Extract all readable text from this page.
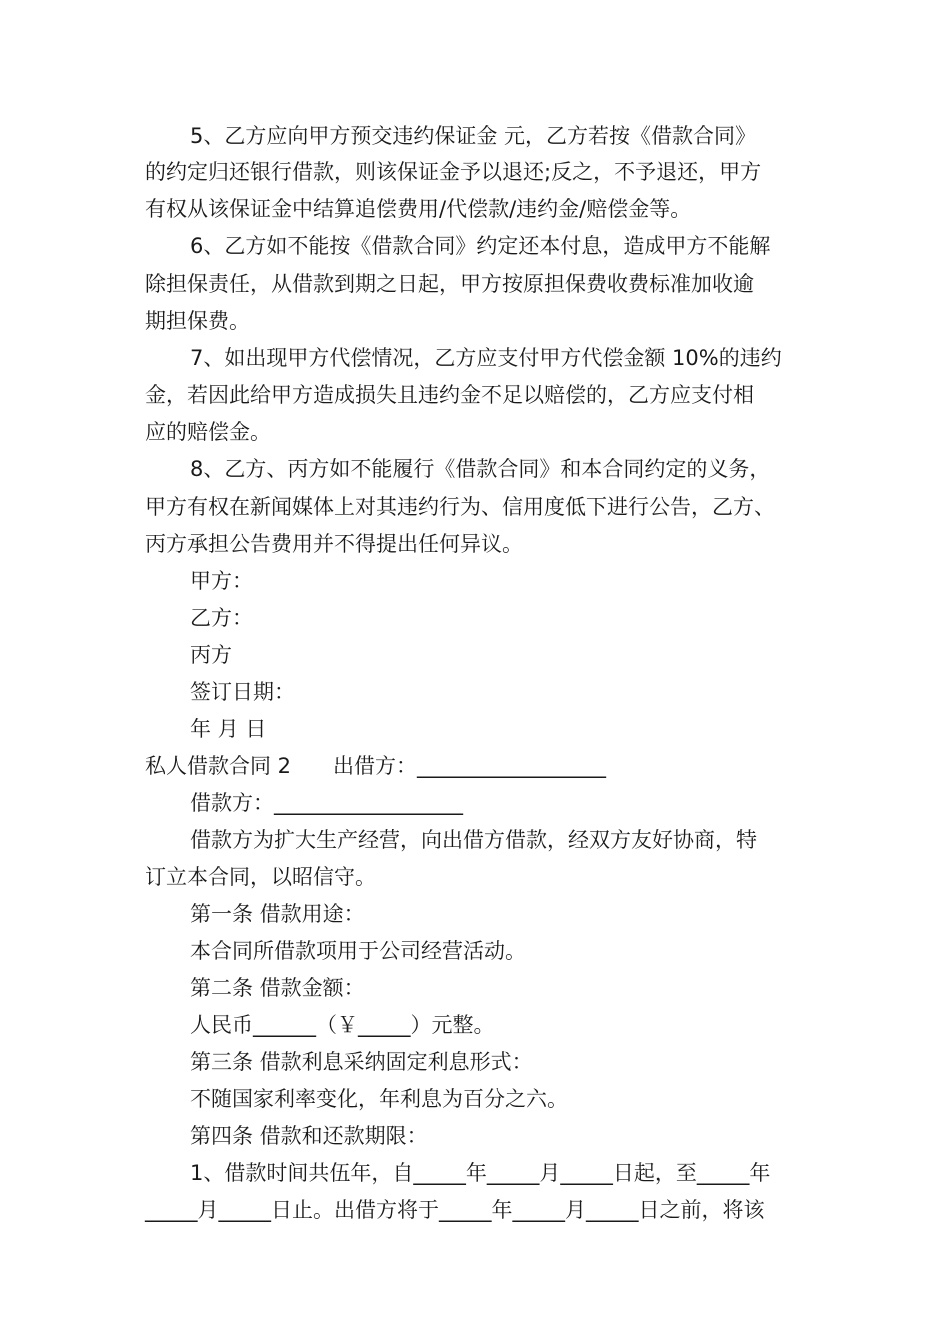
5、乙方应向甲方预交违约保证金 元，乙方若按《借款合同》
的约定归还银行借款，则该保证金予以退还;反之，不予退还，甲方
有权从该保证金中结算追偿费用/代偿款/违约金/赔偿金等。
6、乙方如不能按《借款合同》约定还本付息，造成甲方不能解
除担保责任，从借款到期之日起，甲方按原担保费收费标准加收逾
期担保费。
7、如出现甲方代偿情况，乙方应支付甲方代偿金额 10%的违约
金，若因此给甲方造成损失且违约金不足以赔偿的，乙方应支付相
应的赔偿金。
8、乙方、丙方如不能履行《借款合同》和本合同约定的义务，
甲方有权在新闻媒体上对其违约行为、信用度低下进行公告，乙方、
丙方承担公告费用并不得提出任何异议。
甲方：
乙方：
丙方
签订日期：
年 月 日
私人借款合同 2　　出借方：__________________
借款方：__________________
借款方为扩大生产经营，向出借方借款，经双方友好协商，特
订立本合同，以昭信守。
第一条 借款用途：
本合同所借款项用于公司经营活动。
第二条 借款金额：
人民币______（￥_____）元整。
第三条 借款利息采纳固定利息形式：
不随国家利率变化，年利息为百分之六。
第四条 借款和还款期限：
1、借款时间共伍年，自_____年_____月_____日起，至_____年
_____月_____日止。出借方将于_____年_____月_____日之前，将该
